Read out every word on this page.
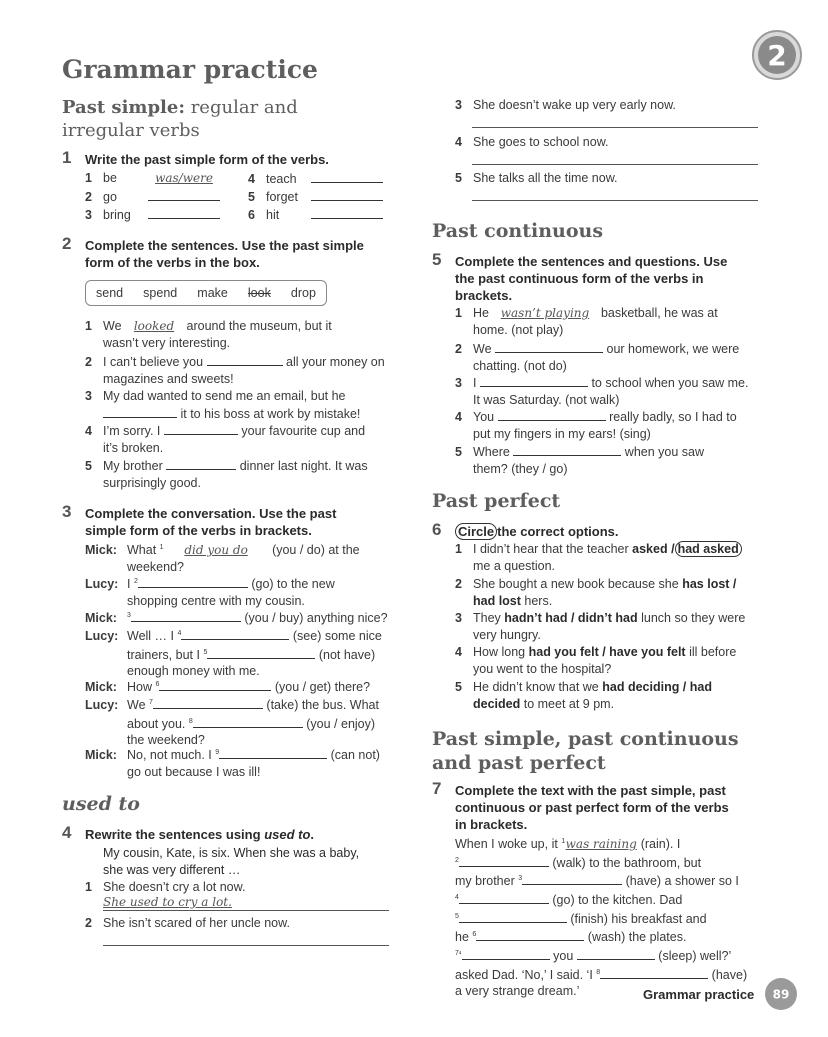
Grammar practice	2
Past simple: regular and
irregular verbs
1 Write the past simple form of the verbs.
1 be	was/were
2 go
3 bring
4 teach
5 forget
6 hit
2 Complete the sentences. Use the past simple
form of the verbs in the box.
send spend make look drop
1 We looked around the museum, but it
wasn’t very interesting.
2 I can’t believe you	all your money on
magazines and sweets!
3 My dad wanted to send me an email, but he
it to his boss at work by mistake!
4 I’m sorry. I	your favourite cup and
it’s broken.
5 My brother	dinner last night. It was
surprisingly good.
3 Complete the conversation. Use the past
simple form of the verbs in brackets.
Mick: What $^1$ did you do (you / do) at the
weekend?
Lucy: I $^2$	(go) to the new
shopping centre with my cousin.
Mick: $^3$	(you / buy) anything nice?
Lucy: Well … I $^4$	(see) some nice
trainers, but I $^5$	(not have)
enough money with me.
Mick: How $^6$	(you / get) there?
Lucy: We $^7$	(take) the bus. What
about you. $^8$	(you / enjoy)
the weekend?
Mick: No, not much. I $^9$	(can not)
go out because I was ill!
used to
4 Rewrite the sentences using used to.
My cousin, Kate, is six. When she was a baby,
she was very different …
1 She doesn’t cry a lot now.
She used to cry a lot.
2 She isn’t scared of her uncle now.
3 She doesn’t wake up very early now.
4 She goes to school now.
5 She talks all the time now.
Past continuous
5 Complete the sentences and questions. Use
the past continuous form of the verbs in
brackets.
1 He wasn’t playing basketball, he was at
home. (not play)
2 We	our homework, we were
chatting. (not do)
3 I	to school when you saw me.
It was Saturday. (not walk)
4 You	really badly, so I had to
put my fingers in my ears! (sing)
5 Where	when you saw
them? (they / go)
Past perfect
6 Circle the correct options.
1 I didn’t hear that the teacher asked / had asked
me a question.
2 She bought a new book because she has lost /
had lost hers.
3 They hadn’t had / didn’t had lunch so they were
very hungry.
4 How long had you felt / have you felt ill before
you went to the hospital?
5 He didn’t know that we had deciding / had
decided to meet at 9 pm.
Past simple, past continuous
and past perfect
7 Complete the text with the past simple, past
continuous or past perfect form of the verbs
in brackets.
When I woke up, it $^1$was raining (rain). I
$^2$	(walk) to the bathroom, but
my brother $^3$	(have) a shower so I
$^4$	(go) to the kitchen. Dad
$^5$	(finish) his breakfast and
he $^6$	(wash) the plates.
$^7$‘	you	(sleep) well?’
asked Dad. ‘No,’ I said. ‘I $^8$	(have)
a very strange dream.’	Grammar practice 89
